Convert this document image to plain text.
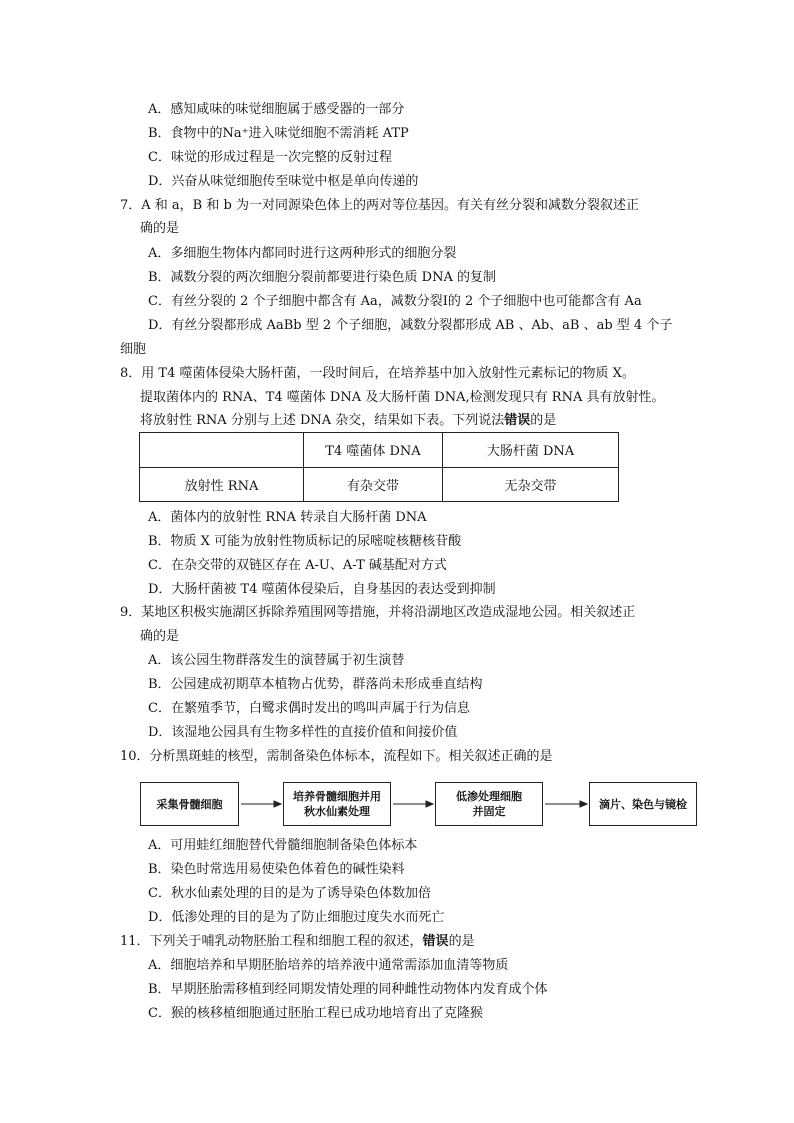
A．感知咸味的味觉细胞属于感受器的一部分
B．食物中的Na⁺进入味觉细胞不需消耗 ATP
C．味觉的形成过程是一次完整的反射过程
D．兴奋从味觉细胞传至味觉中枢是单向传递的
7．A 和 a，B 和 b 为一对同源染色体上的两对等位基因。有关有丝分裂和减数分裂叙述正
确的是
A．多细胞生物体内都同时进行这两种形式的细胞分裂
B．减数分裂的两次细胞分裂前都要进行染色质 DNA 的复制
C．有丝分裂的 2 个子细胞中都含有 Aa，减数分裂Ⅰ的 2 个子细胞中也可能都含有 Aa
D．有丝分裂都形成 AaBb 型 2 个子细胞，减数分裂都形成 AB 、Ab、aB 、ab 型 4 个子
细胞
8．用 T4 噬菌体侵染大肠杆菌，一段时间后，在培养基中加入放射性元素标记的物质 X。
提取菌体内的 RNA、T4 噬菌体 DNA 及大肠杆菌 DNA,检测发现只有 RNA 具有放射性。
将放射性 RNA 分别与上述 DNA 杂交，结果如下表。下列说法错误的是
	T4 噬菌体 DNA	大肠杆菌 DNA
放射性 RNA	有杂交带	无杂交带
A．菌体内的放射性 RNA 转录自大肠杆菌 DNA
B．物质 X 可能为放射性物质标记的尿嘧啶核糖核苷酸
C．在杂交带的双链区存在 A-U、A-T 碱基配对方式
D．大肠杆菌被 T4 噬菌体侵染后，自身基因的表达受到抑制
9．某地区积极实施湖区拆除养殖围网等措施，并将沿湖地区改造成湿地公园。相关叙述正
确的是
A．该公园生物群落发生的演替属于初生演替
B．公园建成初期草本植物占优势，群落尚未形成垂直结构
C．在繁殖季节，白鹭求偶时发出的鸣叫声属于行为信息
D．该湿地公园具有生物多样性的直接价值和间接价值
10．分析黑斑蛙的核型，需制备染色体标本，流程如下。相关叙述正确的是
采集骨髓细胞
培养骨髓细胞并用
秋水仙素处理
低渗处理细胞
并固定
滴片、染色与镜检
A．可用蛙红细胞替代骨髓细胞制备染色体标本
B．染色时常选用易使染色体着色的碱性染料
C．秋水仙素处理的目的是为了诱导染色体数加倍
D．低渗处理的目的是为了防止细胞过度失水而死亡
11．下列关于哺乳动物胚胎工程和细胞工程的叙述，错误的是
A．细胞培养和早期胚胎培养的培养液中通常需添加血清等物质
B．早期胚胎需移植到经同期发情处理的同种雌性动物体内发育成个体
C．猴的核移植细胞通过胚胎工程已成功地培育出了克隆猴
